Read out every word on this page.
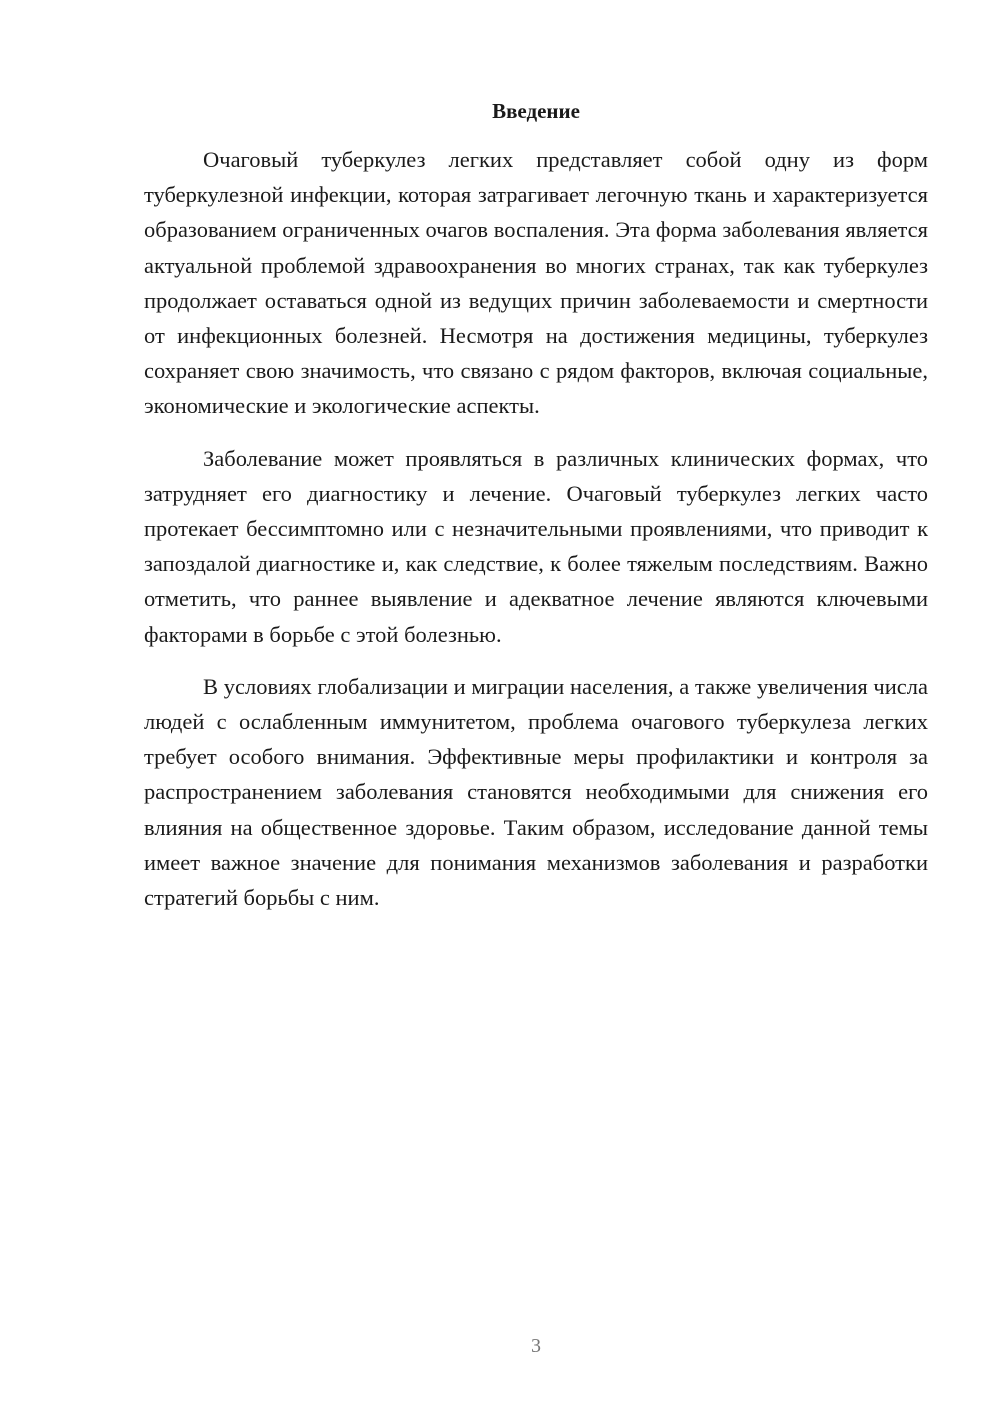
Введение

Очаговый туберкулез легких представляет собой одну из форм туберкулезной инфекции, которая затрагивает легочную ткань и характеризуется образованием ограниченных очагов воспаления. Эта форма заболевания является актуальной проблемой здравоохранения во многих странах, так как туберкулез продолжает оставаться одной из ведущих причин заболеваемости и смертности от инфекционных болезней. Несмотря на достижения медицины, туберкулез сохраняет свою значимость, что связано с рядом факторов, включая социальные, экономические и экологические аспекты.

Заболевание может проявляться в различных клинических формах, что затрудняет его диагностику и лечение. Очаговый туберкулез легких часто протекает бессимптомно или с незначительными проявлениями, что приводит к запоздалой диагностике и, как следствие, к более тяжелым последствиям. Важно отметить, что раннее выявление и адекватное лечение являются ключевыми факторами в борьбе с этой болезнью.

В условиях глобализации и миграции населения, а также увеличения числа людей с ослабленным иммунитетом, проблема очагового туберкулеза легких требует особого внимания. Эффективные меры профилактики и контроля за распространением заболевания становятся необходимыми для снижения его влияния на общественное здоровье. Таким образом, исследование данной темы имеет важное значение для понимания механизмов заболевания и разработки стратегий борьбы с ним.

3
